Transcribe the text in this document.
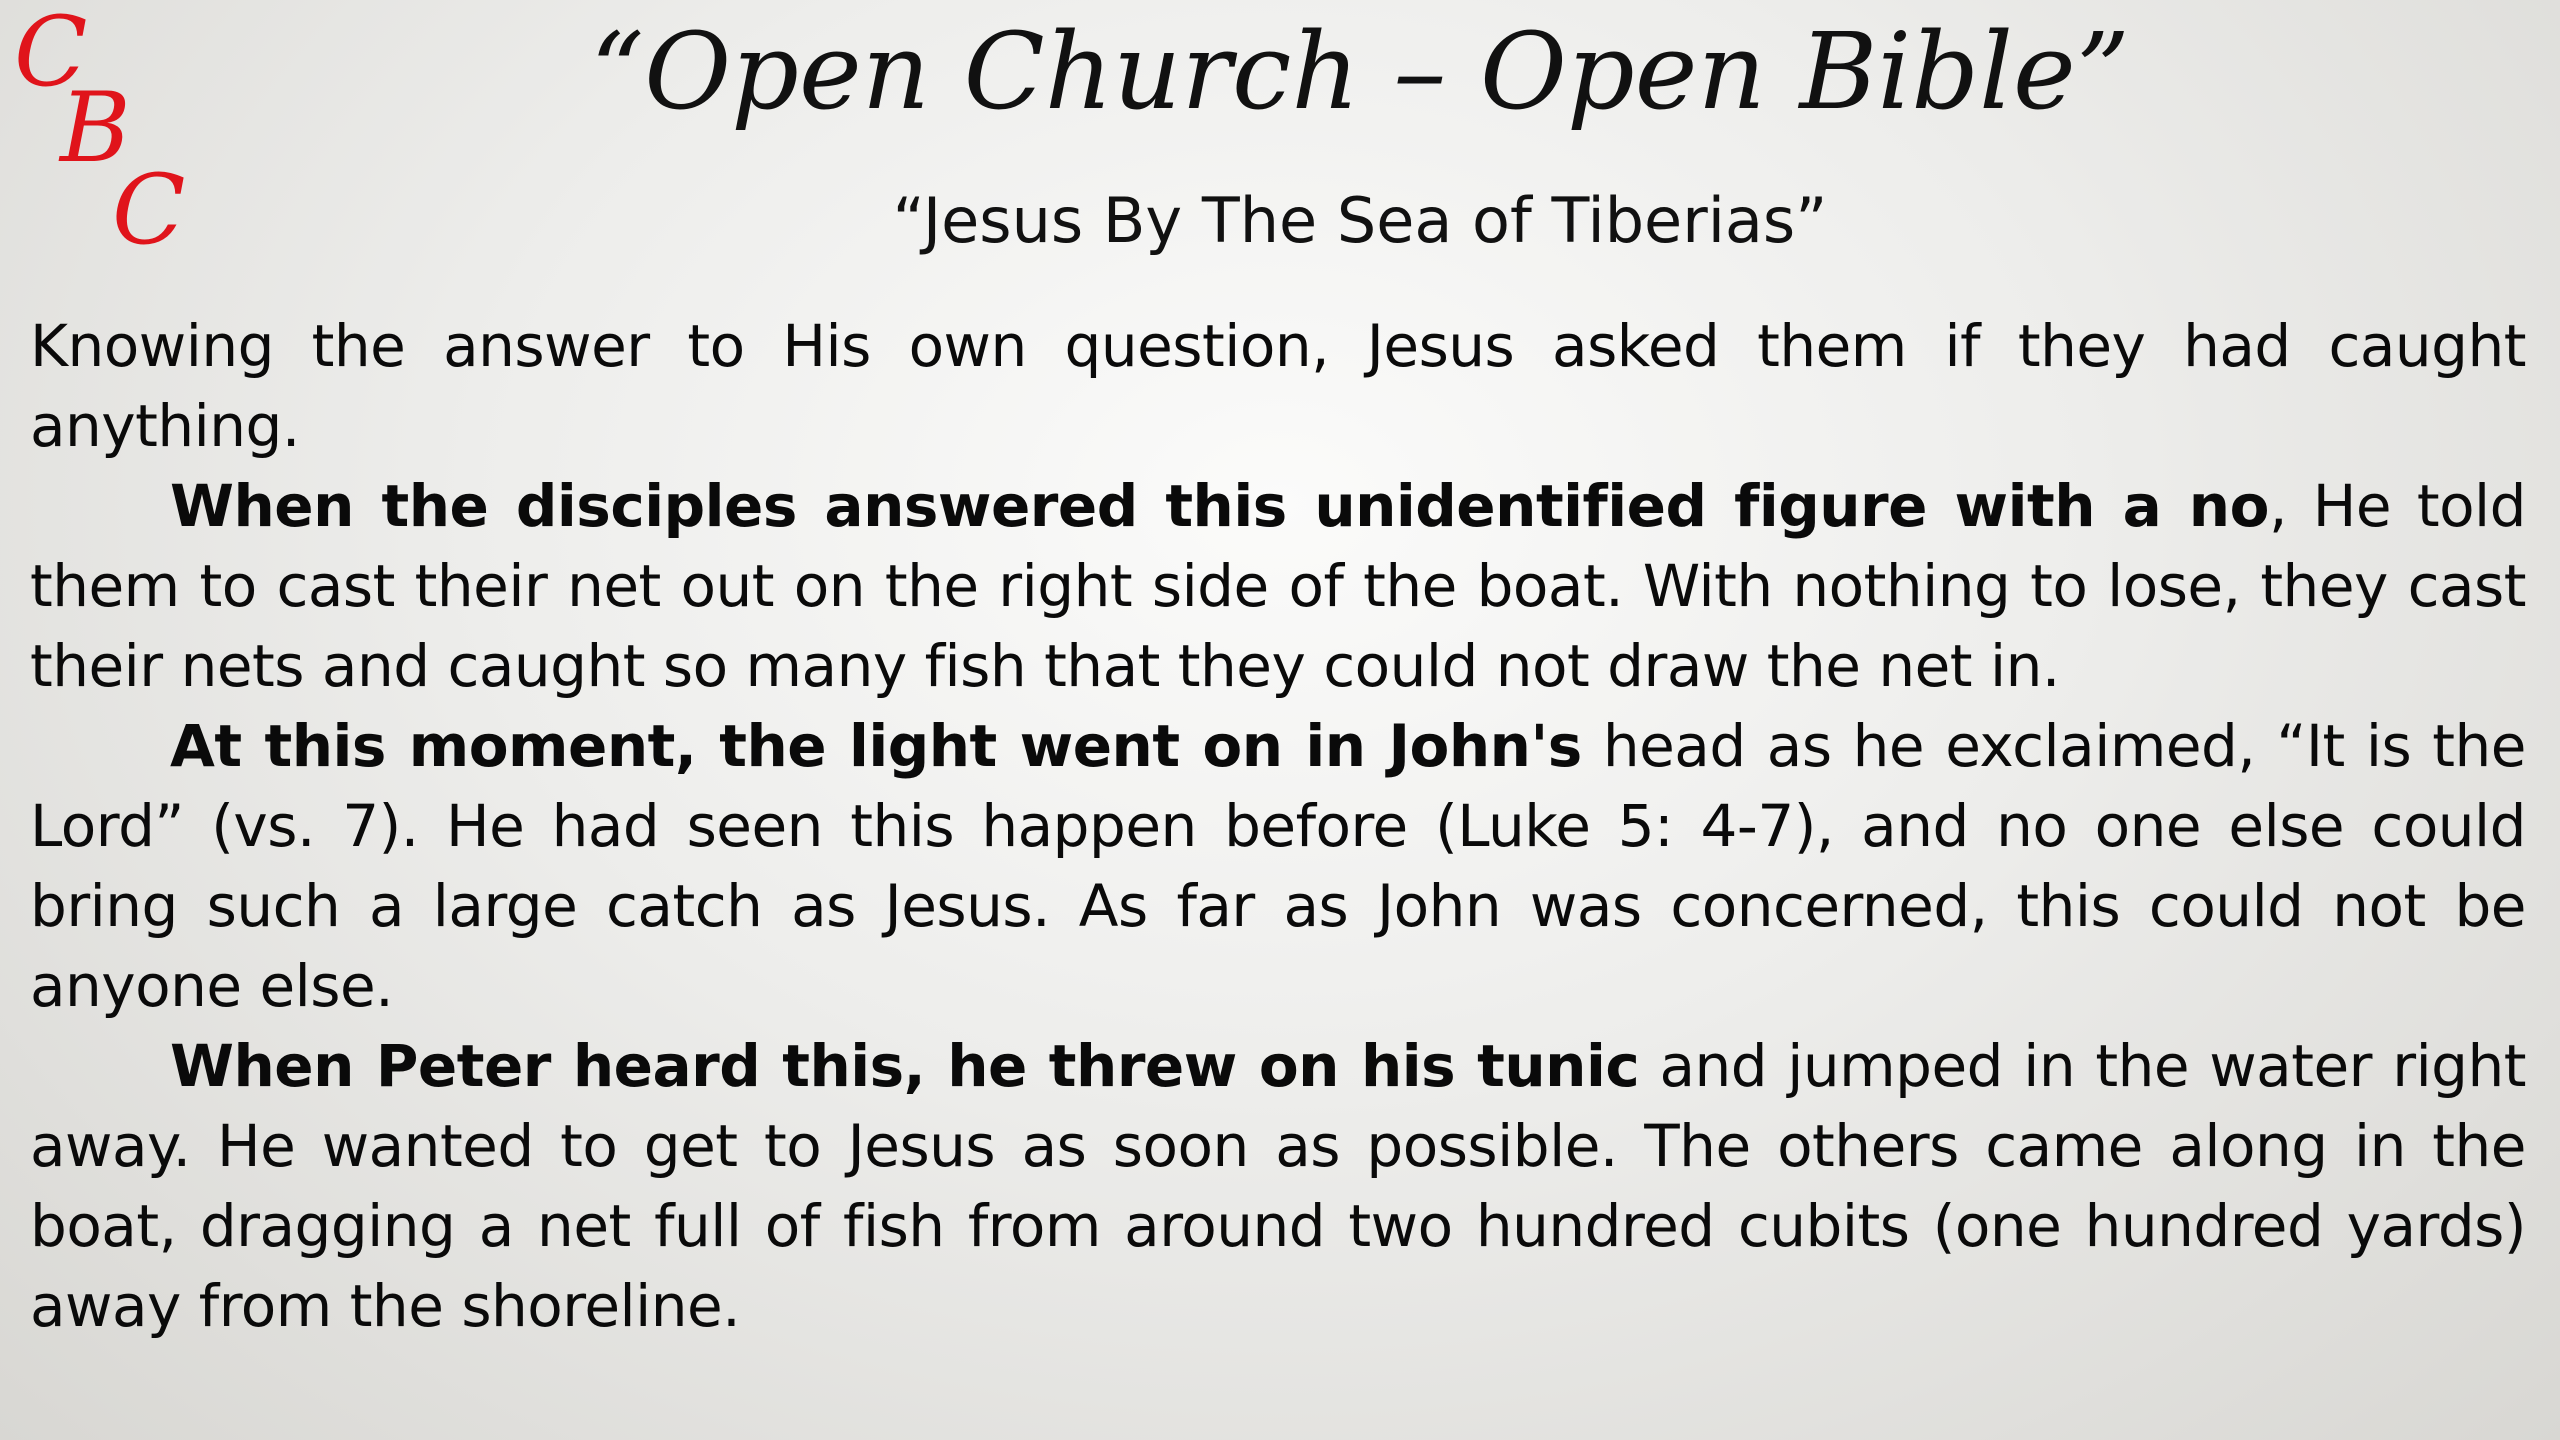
C
B
C
“Open Church – Open Bible”
“Jesus By The Sea of Tiberias”

Knowing the answer to His own question, Jesus asked them if they had caught anything.

When the disciples answered this unidentified figure with a no, He told them to cast their net out on the right side of the boat. With nothing to lose, they cast their nets and caught so many fish that they could not draw the net in.

At this moment, the light went on in John's head as he exclaimed, “It is the Lord” (vs. 7). He had seen this happen before (Luke 5: 4-7), and no one else could bring such a large catch as Jesus. As far as John was concerned, this could not be anyone else.

When Peter heard this, he threw on his tunic and jumped in the water right away. He wanted to get to Jesus as soon as possible. The others came along in the boat, dragging a net full of fish from around two hundred cubits (one hundred yards) away from the shoreline.
